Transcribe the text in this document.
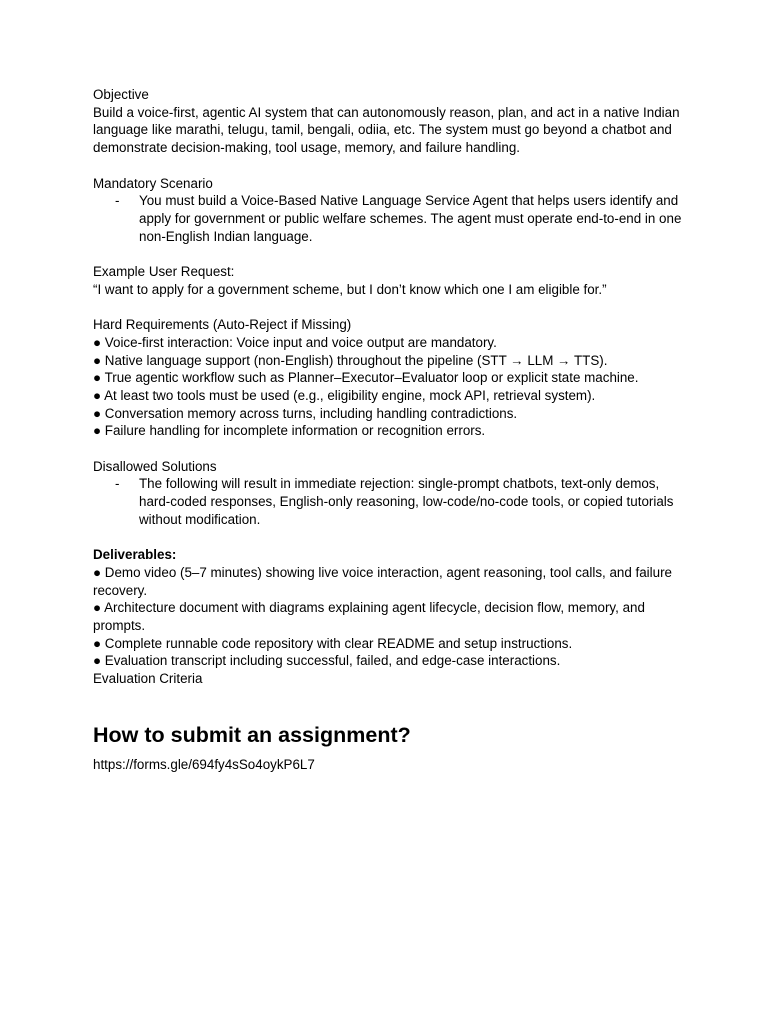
Objective
Build a voice-first, agentic AI system that can autonomously reason, plan, and act in a native Indian language like marathi, telugu, tamil, bengali, odiia, etc. The system must go beyond a chatbot and demonstrate decision-making, tool usage, memory, and failure handling.
Mandatory Scenario
- You must build a Voice-Based Native Language Service Agent that helps users identify and apply for government or public welfare schemes. The agent must operate end-to-end in one non-English Indian language.
Example User Request:
“I want to apply for a government scheme, but I don’t know which one I am eligible for.”
Hard Requirements (Auto-Reject if Missing)
● Voice-first interaction: Voice input and voice output are mandatory.
● Native language support (non-English) throughout the pipeline (STT → LLM → TTS).
● True agentic workflow such as Planner–Executor–Evaluator loop or explicit state machine.
● At least two tools must be used (e.g., eligibility engine, mock API, retrieval system).
● Conversation memory across turns, including handling contradictions.
● Failure handling for incomplete information or recognition errors.
Disallowed Solutions
- The following will result in immediate rejection: single-prompt chatbots, text-only demos, hard-coded responses, English-only reasoning, low-code/no-code tools, or copied tutorials without modification.
Deliverables:
● Demo video (5–7 minutes) showing live voice interaction, agent reasoning, tool calls, and failure recovery.
● Architecture document with diagrams explaining agent lifecycle, decision flow, memory, and prompts.
● Complete runnable code repository with clear README and setup instructions.
● Evaluation transcript including successful, failed, and edge-case interactions.
Evaluation Criteria
How to submit an assignment?
https://forms.gle/694fy4sSo4oykP6L7
